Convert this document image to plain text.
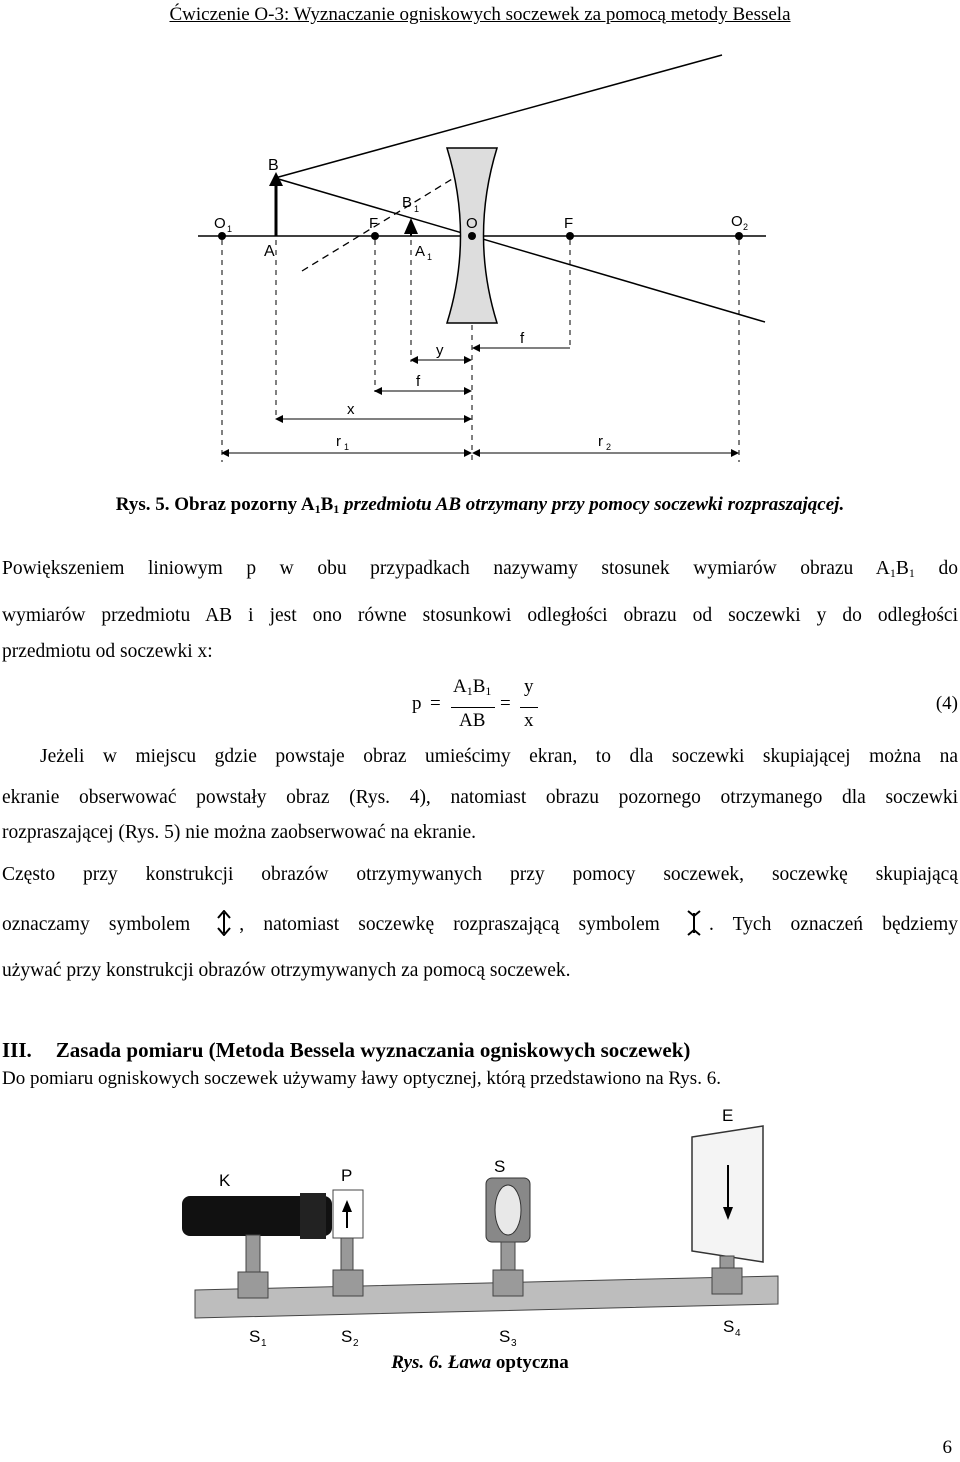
Ćwiczenie O-3: Wyznaczanie ogniskowych soczewek za pomocą metody Bessela
B
A
B 1
A 1
O 1	F	O	F	O 2
f
y
f
x
r 1	r 2
Rys. 5. Obraz pozorny $A_1B_1$ przedmiotu AB otrzymany przy pomocy soczewki rozpraszającej.
Powiększeniem liniowym p w obu przypadkach nazywamy stosunek wymiarów obrazu $A_1B_1$ do
wymiarów przedmiotu AB i jest ono równe stosunkowi odległości obrazu od soczewki y do odległości
przedmiotu od soczewki x:
p =
$A_1B_1$
AB
=
y
x
(4)
Jeżeli w miejscu gdzie powstaje obraz umieścimy ekran, to dla soczewki skupiającej można na
ekranie obserwować powstały obraz (Rys. 4), natomiast obrazu pozornego otrzymanego dla soczewki
rozpraszającej (Rys. 5) nie można zaobserwować na ekranie.
Często przy konstrukcji obrazów otrzymywanych przy pomocy soczewek, soczewkę skupiającą
oznaczamy symbolem	, natomiast soczewkę rozpraszającą symbolem	. Tych oznaczeń będziemy
używać przy konstrukcji obrazów otrzymywanych za pomocą soczewek.
III. Zasada pomiaru (Metoda Bessela wyznaczania ogniskowych soczewek)
Do pomiaru ogniskowych soczewek używamy ławy optycznej, którą przedstawiono na Rys. 6.
E
K	P	S
S 1	S 2	S 3
S 4
Rys. 6. Ława optyczna
6
